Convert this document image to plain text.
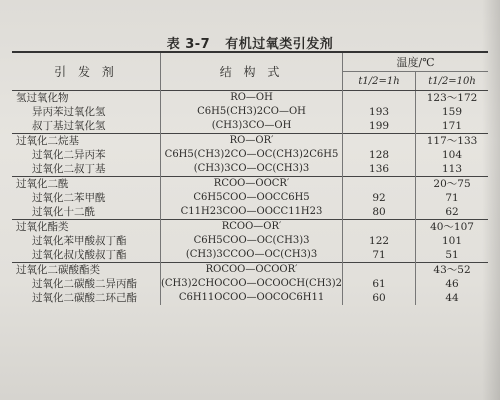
表 3-7 有机过氧类引发剂
引 发 剂	结 构 式	温度/℃	
		t1/2=1h	t1/2=10h
氢过氧化物	RO—OH		123～172
异丙苯过氧化氢	C6H5(CH3)2CO—OH	193	159
叔丁基过氧化氢	(CH3)3CO—OH	199	171
过氧化二烷基	RO—OR′		117～133
过氧化二异丙苯	C6H5(CH3)2CO—OC(CH3)2C6H5	128	104
过氧化二叔丁基	(CH3)3CO—OC(CH3)3	136	113
过氧化二酰	RCOO—OOCR′		20～75
过氧化二苯甲酰	C6H5COO—OOCC6H5	92	71
过氧化十二酰	C11H23COO—OOCC11H23	80	62
过氧化酯类	RCOO—OR′		40～107
过氧化苯甲酸叔丁酯	C6H5COO—OC(CH3)3	122	101
过氧化叔戊酸叔丁酯	(CH3)3CCOO—OC(CH3)3	71	51
过氧化二碳酸酯类	ROCOO—OCOOR′		43～52
过氧化二碳酸二异丙酯	(CH3)2CHOCOO—OCOOCH(CH3)2	61	46
过氧化二碳酸二环己酯	C6H11OCOO—OOCOC6H11	60	44
